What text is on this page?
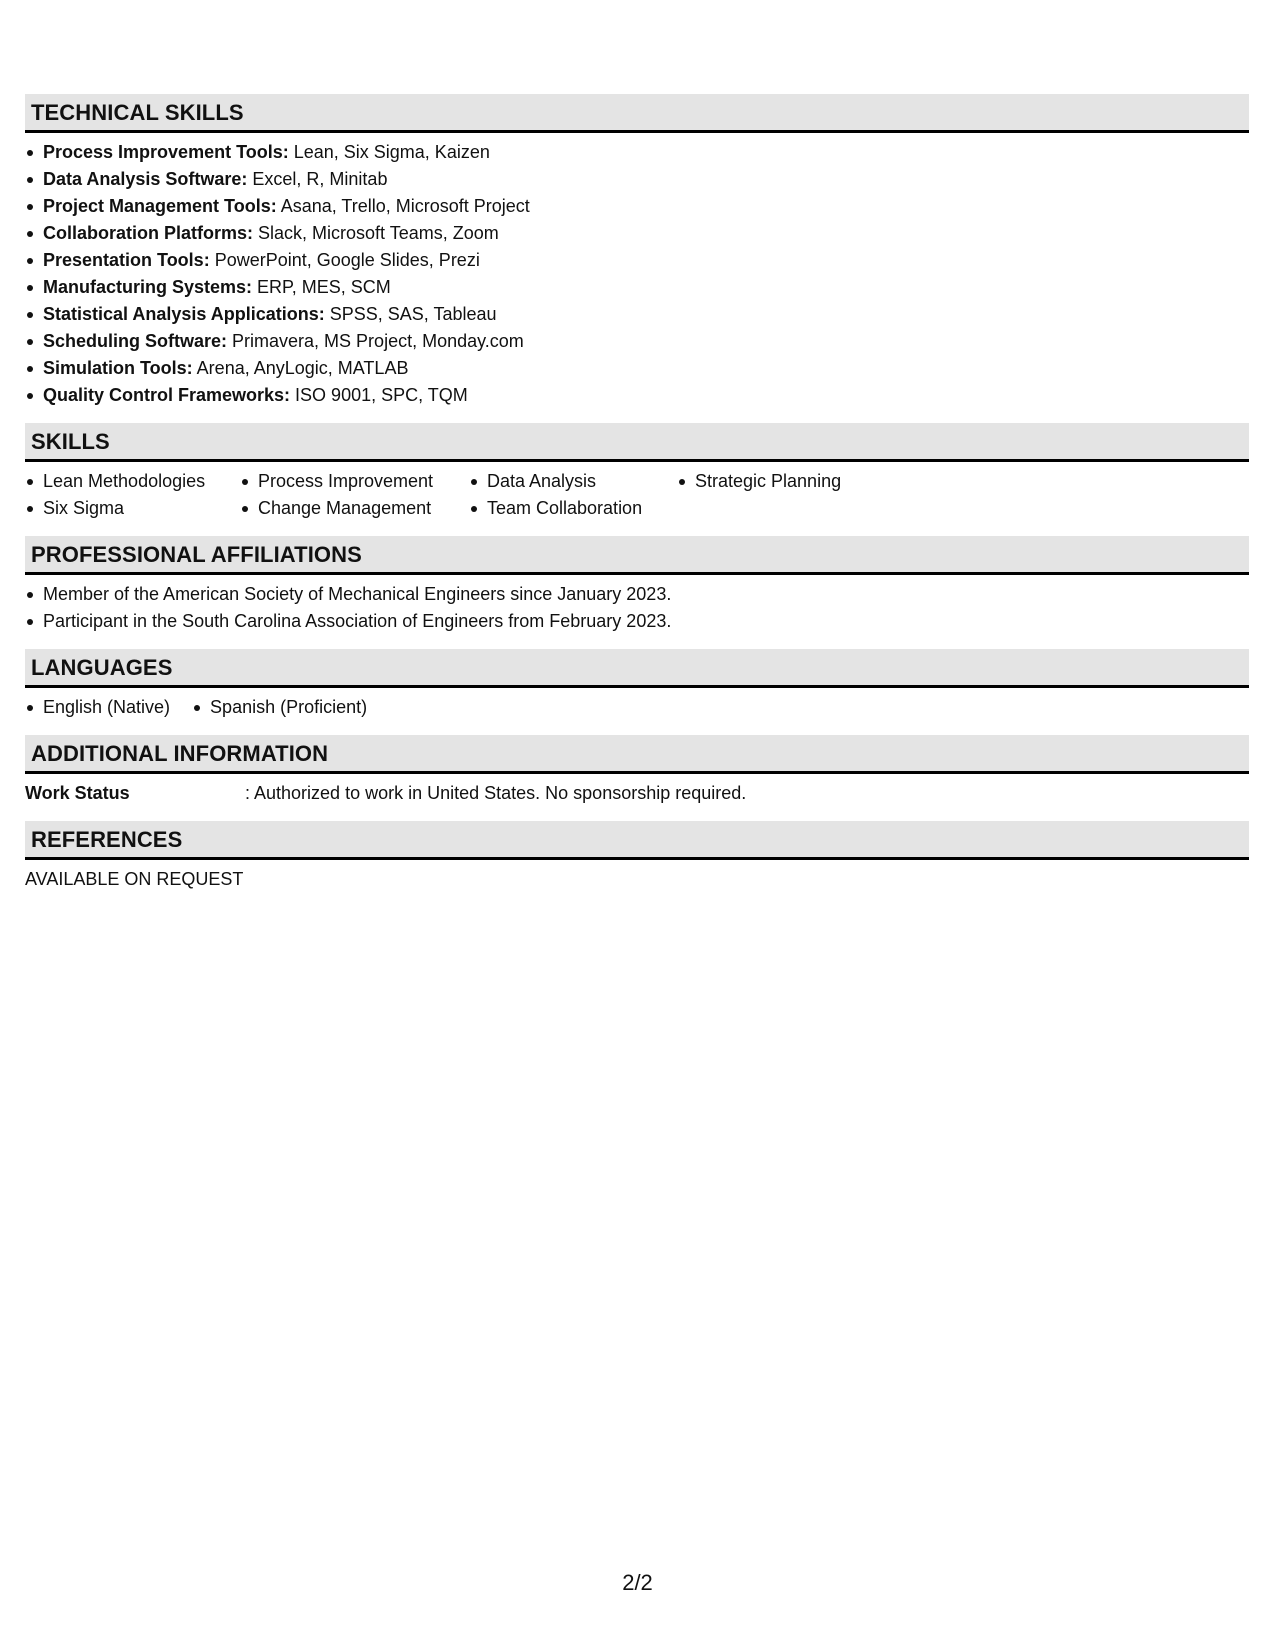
TECHNICAL SKILLS
Process Improvement Tools: Lean, Six Sigma, Kaizen
Data Analysis Software: Excel, R, Minitab
Project Management Tools: Asana, Trello, Microsoft Project
Collaboration Platforms: Slack, Microsoft Teams, Zoom
Presentation Tools: PowerPoint, Google Slides, Prezi
Manufacturing Systems: ERP, MES, SCM
Statistical Analysis Applications: SPSS, SAS, Tableau
Scheduling Software: Primavera, MS Project, Monday.com
Simulation Tools: Arena, AnyLogic, MATLAB
Quality Control Frameworks: ISO 9001, SPC, TQM
SKILLS
Lean Methodologies
Six Sigma
Process Improvement
Change Management
Data Analysis
Team Collaboration
Strategic Planning
PROFESSIONAL AFFILIATIONS
Member of the American Society of Mechanical Engineers since January 2023.
Participant in the South Carolina Association of Engineers from February 2023.
LANGUAGES
English (Native)	Spanish (Proficient)
ADDITIONAL INFORMATION
Work Status	: Authorized to work in United States. No sponsorship required.
REFERENCES
AVAILABLE ON REQUEST
2/2
